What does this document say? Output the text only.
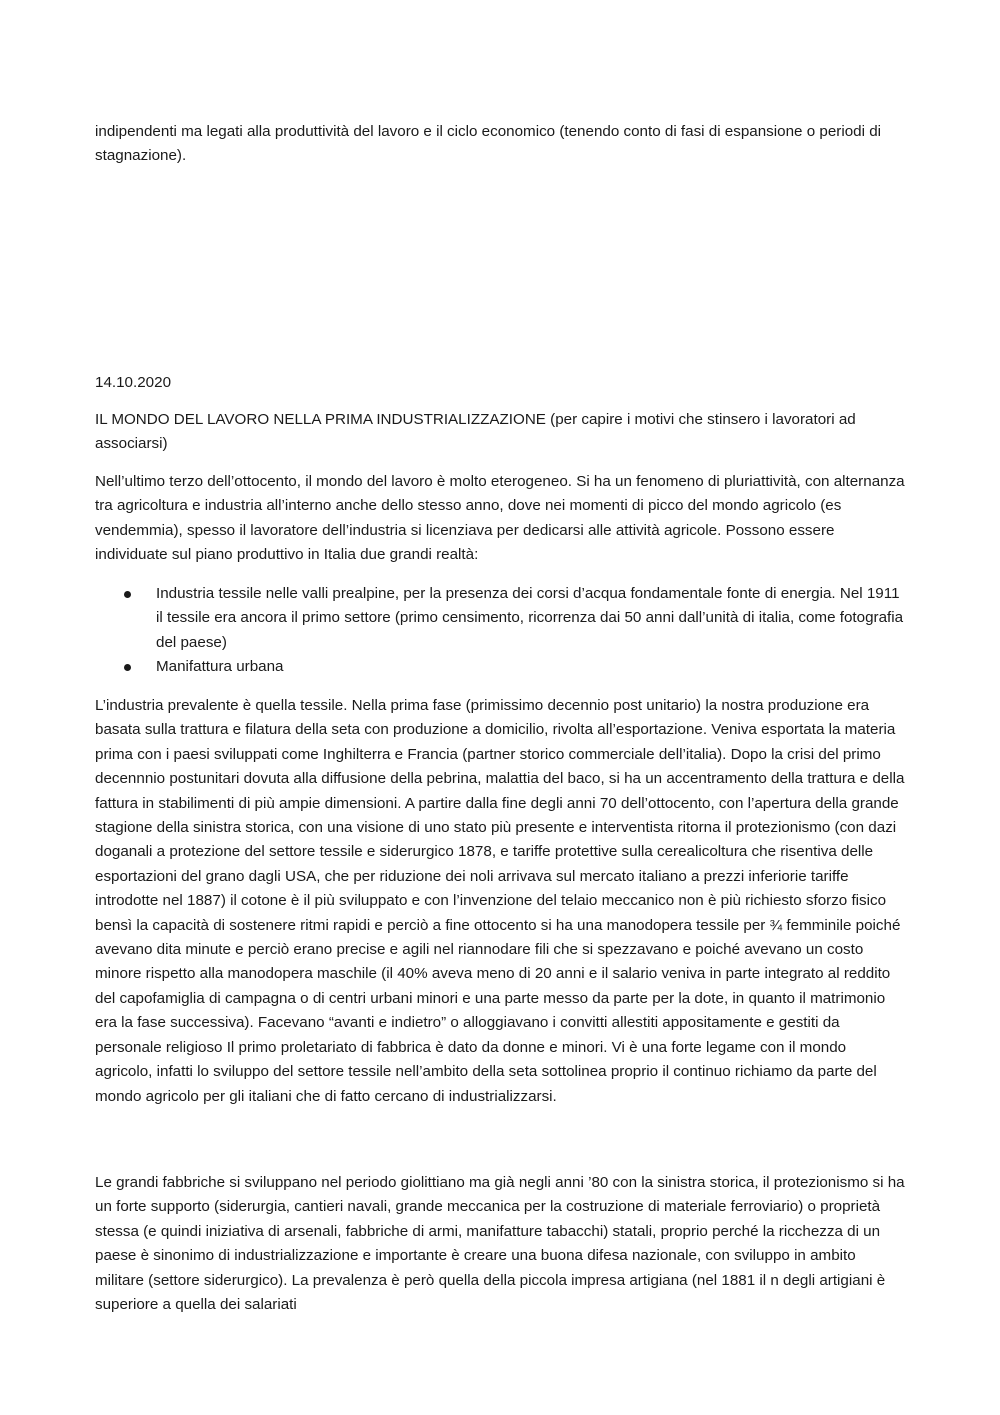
indipendenti ma legati alla produttività del lavoro e il ciclo economico (tenendo conto di fasi di espansione o periodi di stagnazione).

14.10.2020

IL MONDO DEL LAVORO NELLA PRIMA INDUSTRIALIZZAZIONE (per capire i motivi che stinsero i lavoratori ad associarsi)

Nell’ultimo terzo dell’ottocento, il mondo del lavoro è molto eterogeneo. Si ha un fenomeno di pluriattività, con alternanza tra agricoltura e industria all’interno anche dello stesso anno, dove nei momenti di picco del mondo agricolo (es vendemmia), spesso il lavoratore dell’industria si licenziava per dedicarsi alle attività agricole. Possono essere individuate sul piano produttivo in Italia due grandi realtà:

Industria tessile nelle valli prealpine, per la presenza dei corsi d’acqua fondamentale fonte di energia. Nel 1911 il tessile era ancora il primo settore (primo censimento, ricorrenza dai 50 anni dall’unità di italia, come fotografia del paese)
Manifattura urbana

L’industria prevalente è quella tessile. Nella prima fase (primissimo decennio post unitario) la nostra produzione era basata sulla trattura e filatura della seta con produzione a domicilio, rivolta all’esportazione. Veniva esportata la materia prima con i paesi sviluppati come Inghilterra e Francia (partner storico commerciale dell’italia). Dopo la crisi del primo decennnio postunitari dovuta alla diffusione della pebrina, malattia del baco, si ha un accentramento della trattura e della fattura in stabilimenti di più ampie dimensioni. A partire dalla fine degli anni 70 dell’ottocento, con l’apertura della grande stagione della sinistra storica, con una visione di uno stato più presente e interventista ritorna il protezionismo (con dazi doganali a protezione del settore tessile e siderurgico 1878, e tariffe protettive sulla cerealicoltura che risentiva delle esportazioni del grano dagli USA, che per riduzione dei noli arrivava sul mercato italiano a prezzi inferiorie tariffe introdotte nel 1887) il cotone è il più sviluppato e con l’invenzione del telaio meccanico non è più richiesto sforzo fisico bensì la capacità di sostenere ritmi rapidi e perciò a fine ottocento si ha una manodopera tessile per ¾ femminile poiché avevano dita minute e perciò erano precise e agili nel riannodare fili che si spezzavano e poiché avevano un costo minore rispetto alla manodopera maschile (il 40% aveva meno di 20 anni e il salario veniva in parte integrato al reddito del capofamiglia di campagna o di centri urbani minori e una parte messo da parte per la dote, in quanto il matrimonio era la fase successiva). Facevano “avanti e indietro” o alloggiavano i convitti allestiti appositamente e gestiti da personale religioso Il primo proletariato di fabbrica è dato da donne e minori. Vi è una forte legame con il mondo agricolo, infatti lo sviluppo del settore tessile nell’ambito della seta sottolinea proprio il continuo richiamo da parte del mondo agricolo per gli italiani che di fatto cercano di industrializzarsi.

Le grandi fabbriche si sviluppano nel periodo giolittiano ma già negli anni ’80 con la sinistra storica, il protezionismo si ha un forte supporto (siderurgia, cantieri navali, grande meccanica per la costruzione di materiale ferroviario) o proprietà stessa (e quindi iniziativa di arsenali, fabbriche di armi, manifatture tabacchi) statali, proprio perché la ricchezza di un paese è sinonimo di industrializzazione e importante è creare una buona difesa nazionale, con sviluppo in ambito militare (settore siderurgico). La prevalenza è però quella della piccola impresa artigiana (nel 1881 il n degli artigiani è superiore a quella dei salariati
